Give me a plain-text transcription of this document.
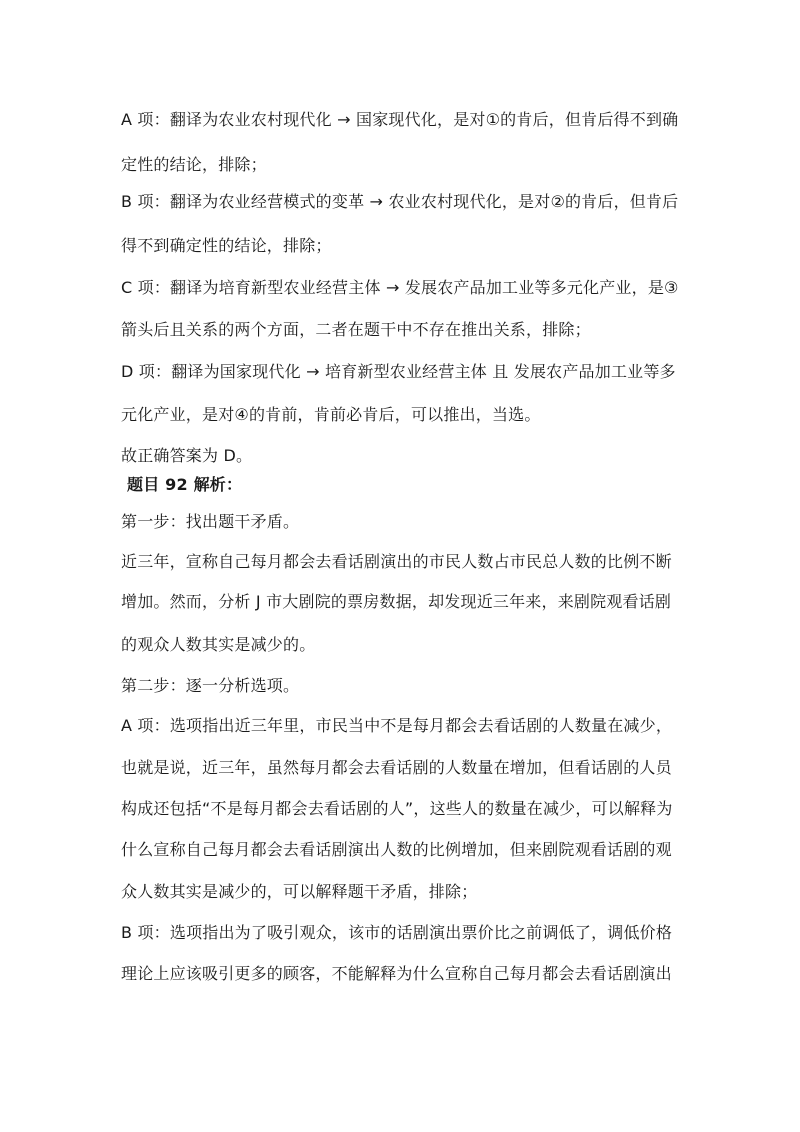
A 项：翻译为农业农村现代化 → 国家现代化，是对①的肯后，但肯后得不到确
定性的结论，排除；
B 项：翻译为农业经营模式的变革 → 农业农村现代化，是对②的肯后，但肯后
得不到确定性的结论，排除；
C 项：翻译为培育新型农业经营主体 → 发展农产品加工业等多元化产业，是③
箭头后且关系的两个方面，二者在题干中不存在推出关系，排除；
D 项：翻译为国家现代化 → 培育新型农业经营主体 且 发展农产品加工业等多
元化产业，是对④的肯前，肯前必肯后，可以推出，当选。
故正确答案为 D。
题目 92 解析：
第一步：找出题干矛盾。
近三年，宣称自己每月都会去看话剧演出的市民人数占市民总人数的比例不断
增加。然而，分析 J 市大剧院的票房数据，却发现近三年来，来剧院观看话剧
的观众人数其实是减少的。
第二步：逐一分析选项。
A 项：选项指出近三年里，市民当中不是每月都会去看话剧的人数量在减少，
也就是说，近三年，虽然每月都会去看话剧的人数量在增加，但看话剧的人员
构成还包括“不是每月都会去看话剧的人”，这些人的数量在减少，可以解释为
什么宣称自己每月都会去看话剧演出人数的比例增加，但来剧院观看话剧的观
众人数其实是减少的，可以解释题干矛盾，排除；
B 项：选项指出为了吸引观众，该市的话剧演出票价比之前调低了，调低价格
理论上应该吸引更多的顾客，不能解释为什么宣称自己每月都会去看话剧演出
